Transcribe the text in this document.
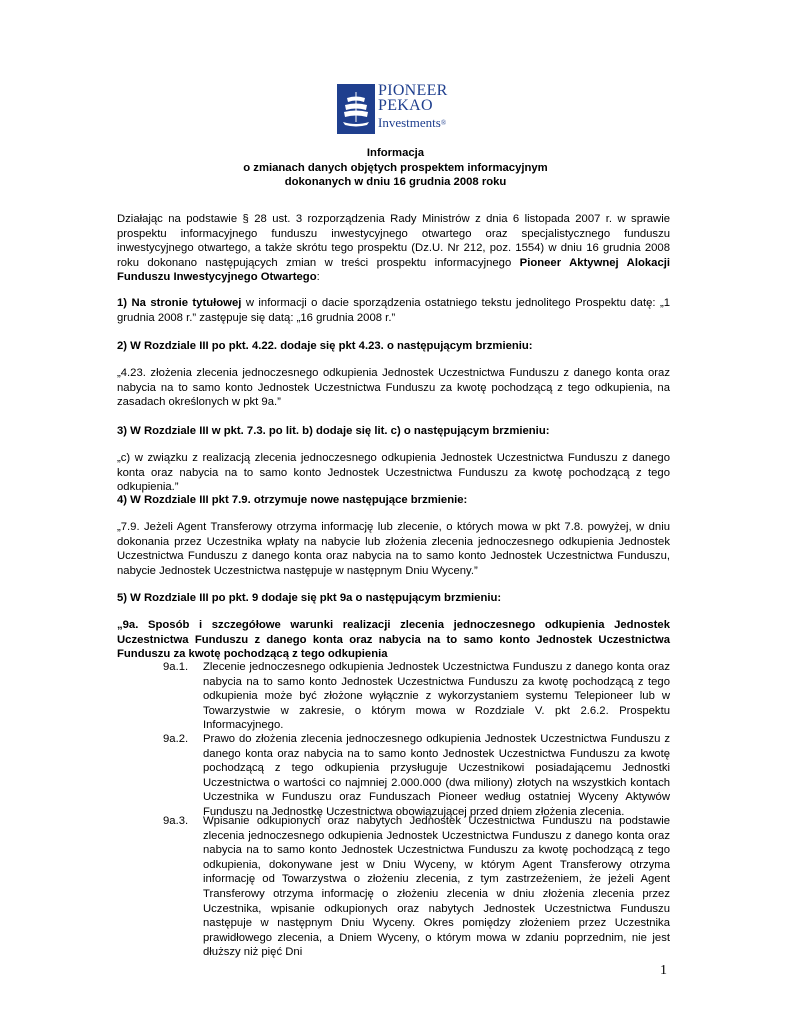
PIONEER
PEKAO
Investments®
Informacja
o zmianach danych objętych prospektem informacyjnym
dokonanych w dniu 16 grudnia 2008 roku
Działając na podstawie § 28 ust. 3 rozporządzenia Rady Ministrów z dnia 6 listopada 2007 r. w sprawie prospektu informacyjnego funduszu inwestycyjnego otwartego oraz specjalistycznego funduszu inwestycyjnego otwartego, a także skrótu tego prospektu (Dz.U. Nr 212, poz. 1554) w dniu 16 grudnia 2008 roku dokonano następujących zmian w treści prospektu informacyjnego Pioneer Aktywnej Alokacji Funduszu Inwestycyjnego Otwartego:
1) Na stronie tytułowej w informacji o dacie sporządzenia ostatniego tekstu jednolitego Prospektu datę: „1 grudnia 2008 r.” zastępuje się datą: „16 grudnia 2008 r.”
2) W Rozdziale III po pkt. 4.22. dodaje się pkt 4.23. o następującym brzmieniu:
„4.23. złożenia zlecenia jednoczesnego odkupienia Jednostek Uczestnictwa Funduszu z danego konta oraz nabycia na to samo konto Jednostek Uczestnictwa Funduszu za kwotę pochodzącą z tego odkupienia, na zasadach określonych w pkt 9a.”
3) W Rozdziale III w pkt. 7.3. po lit. b) dodaje się lit. c) o następującym brzmieniu:
„c) w związku z realizacją zlecenia jednoczesnego odkupienia Jednostek Uczestnictwa Funduszu z danego konta oraz nabycia na to samo konto Jednostek Uczestnictwa Funduszu za kwotę pochodzącą z tego odkupienia.”
4) W Rozdziale III pkt 7.9. otrzymuje nowe następujące brzmienie:
„7.9. Jeżeli Agent Transferowy otrzyma informację lub zlecenie, o których mowa w pkt 7.8. powyżej, w dniu dokonania przez Uczestnika wpłaty na nabycie lub złożenia zlecenia jednoczesnego odkupienia Jednostek Uczestnictwa Funduszu z danego konta oraz nabycia na to samo konto Jednostek Uczestnictwa Funduszu, nabycie Jednostek Uczestnictwa następuje w następnym Dniu Wyceny.”
5) W Rozdziale III po pkt. 9 dodaje się pkt 9a o następującym brzmieniu:
„9a. Sposób i szczegółowe warunki realizacji zlecenia jednoczesnego odkupienia Jednostek Uczestnictwa Funduszu z danego konta oraz nabycia na to samo konto Jednostek Uczestnictwa Funduszu za kwotę pochodzącą z tego odkupienia
9a.1. Zlecenie jednoczesnego odkupienia Jednostek Uczestnictwa Funduszu z danego konta oraz nabycia na to samo konto Jednostek Uczestnictwa Funduszu za kwotę pochodzącą z tego odkupienia może być złożone wyłącznie z wykorzystaniem systemu Telepioneer lub w Towarzystwie w zakresie, o którym mowa w Rozdziale V. pkt 2.6.2. Prospektu Informacyjnego.
9a.2. Prawo do złożenia zlecenia jednoczesnego odkupienia Jednostek Uczestnictwa Funduszu z danego konta oraz nabycia na to samo konto Jednostek Uczestnictwa Funduszu za kwotę pochodzącą z tego odkupienia przysługuje Uczestnikowi posiadającemu Jednostki Uczestnictwa o wartości co najmniej 2.000.000 (dwa miliony) złotych na wszystkich kontach Uczestnika w Funduszu oraz Funduszach Pioneer według ostatniej Wyceny Aktywów Funduszu na Jednostkę Uczestnictwa obowiązującej przed dniem złożenia zlecenia.
9a.3. Wpisanie odkupionych oraz nabytych Jednostek Uczestnictwa Funduszu na podstawie zlecenia jednoczesnego odkupienia Jednostek Uczestnictwa Funduszu z danego konta oraz nabycia na to samo konto Jednostek Uczestnictwa Funduszu za kwotę pochodzącą z tego odkupienia, dokonywane jest w Dniu Wyceny, w którym Agent Transferowy otrzyma informację od Towarzystwa o złożeniu zlecenia, z tym zastrzeżeniem, że jeżeli Agent Transferowy otrzyma informację o złożeniu zlecenia w dniu złożenia zlecenia przez Uczestnika, wpisanie odkupionych oraz nabytych Jednostek Uczestnictwa Funduszu następuje w następnym Dniu Wyceny. Okres pomiędzy złożeniem przez Uczestnika prawidłowego zlecenia, a Dniem Wyceny, o którym mowa w zdaniu poprzednim, nie jest dłuższy niż pięć Dni
1
